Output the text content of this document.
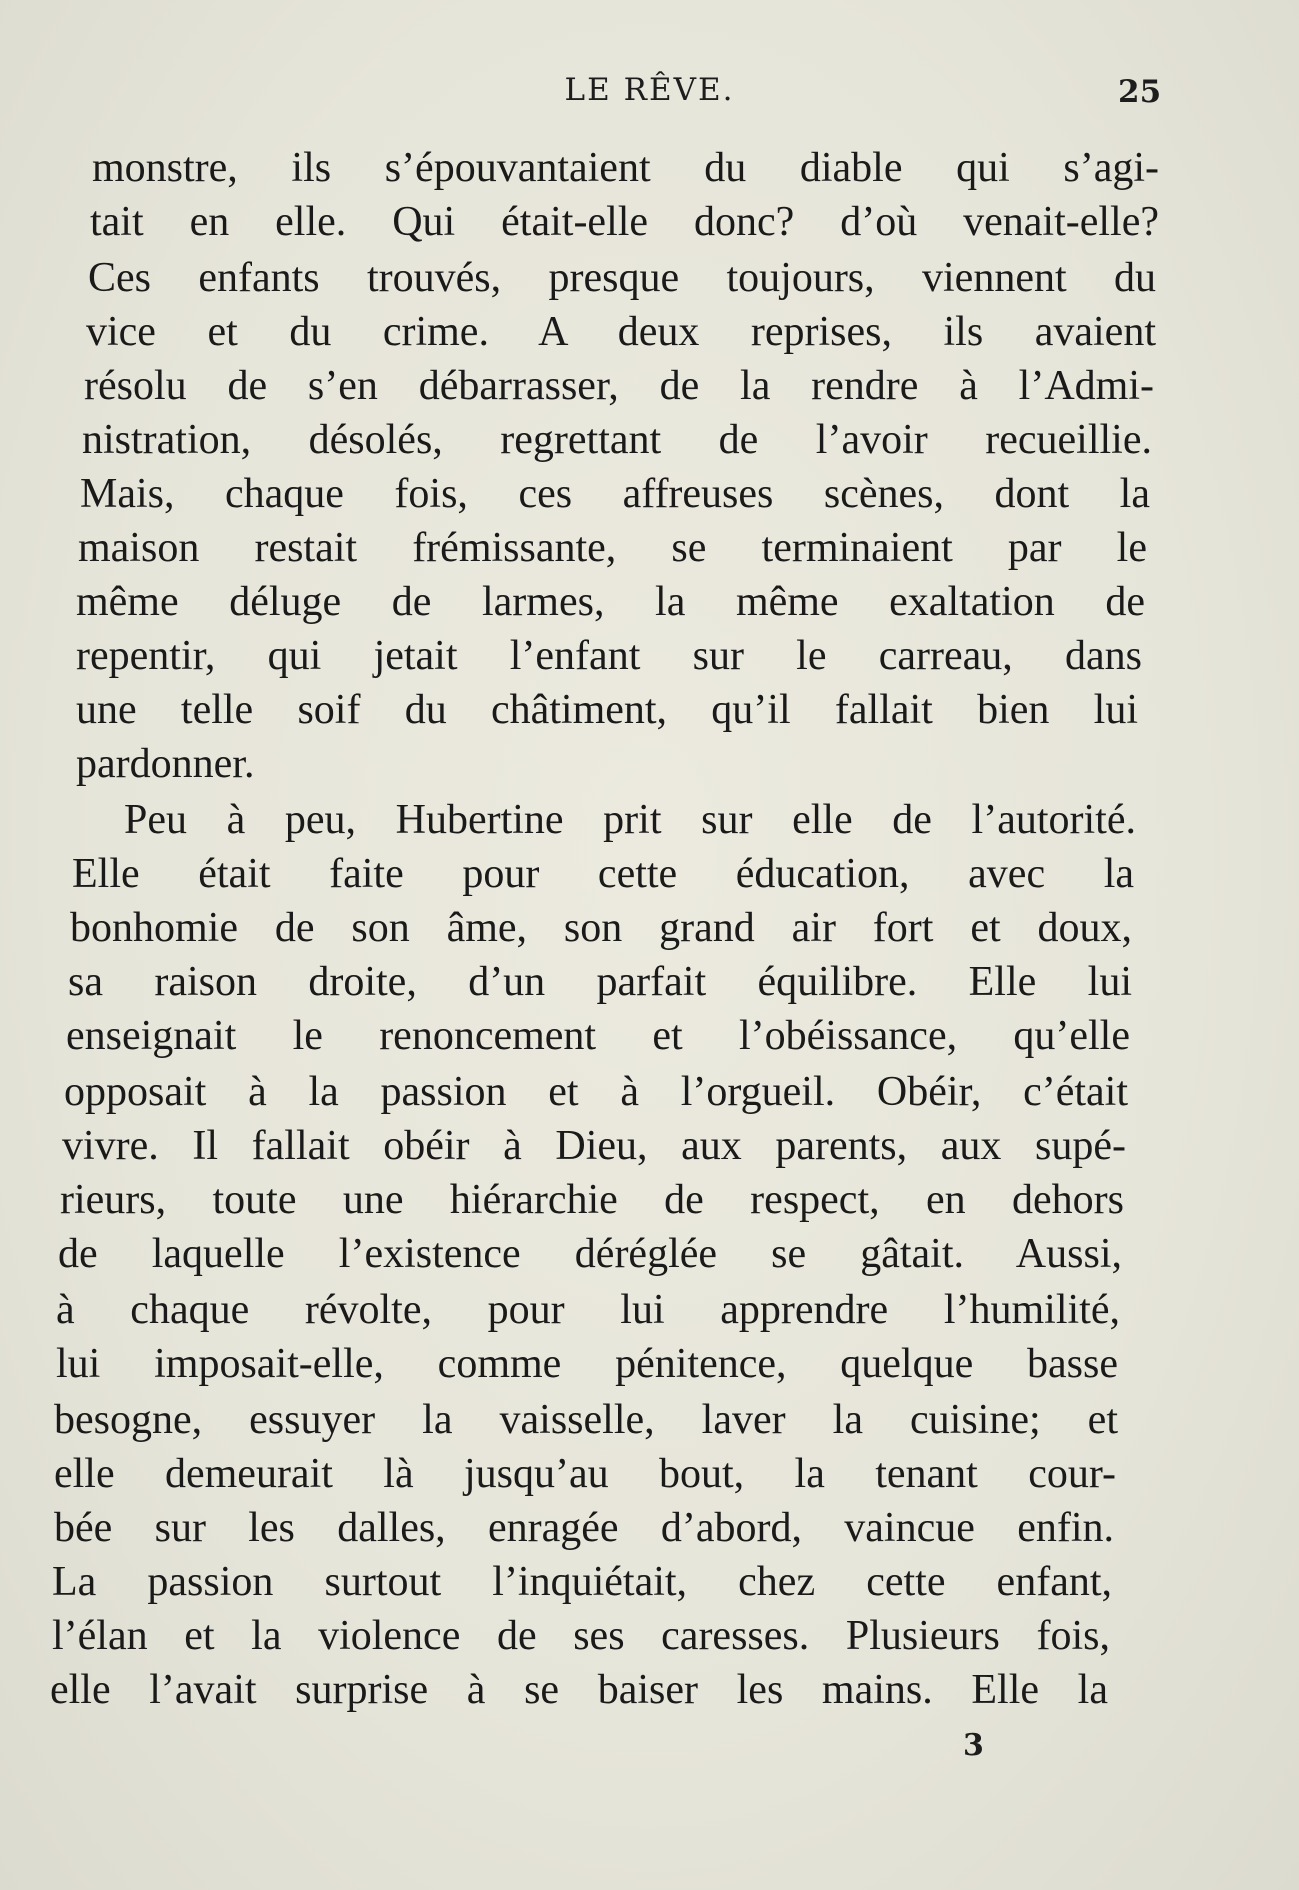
LE RÊVE.	25
monstre, ils s’épouvantaient du diable qui s’agi-
tait en elle. Qui était-elle donc? d’où venait-elle?
Ces enfants trouvés, presque toujours, viennent du
vice et du crime. A deux reprises, ils avaient
résolu de s’en débarrasser, de la rendre à l’Admi-
nistration, désolés, regrettant de l’avoir recueillie.
Mais, chaque fois, ces affreuses scènes, dont la
maison restait frémissante, se terminaient par le
même déluge de larmes, la même exaltation de
repentir, qui jetait l’enfant sur le carreau, dans
une telle soif du châtiment, qu’il fallait bien lui
pardonner.
Peu à peu, Hubertine prit sur elle de l’autorité.
Elle était faite pour cette éducation, avec la
bonhomie de son âme, son grand air fort et doux,
sa raison droite, d’un parfait équilibre. Elle lui
enseignait le renoncement et l’obéissance, qu’elle
opposait à la passion et à l’orgueil. Obéir, c’était
vivre. Il fallait obéir à Dieu, aux parents, aux supé-
rieurs, toute une hiérarchie de respect, en dehors
de laquelle l’existence déréglée se gâtait. Aussi,
à chaque révolte, pour lui apprendre l’humilité,
lui imposait-elle, comme pénitence, quelque basse
besogne, essuyer la vaisselle, laver la cuisine; et
elle demeurait là jusqu’au bout, la tenant cour-
bée sur les dalles, enragée d’abord, vaincue enfin.
La passion surtout l’inquiétait, chez cette enfant,
l’élan et la violence de ses caresses. Plusieurs fois,
elle l’avait surprise à se baiser les mains. Elle la
3
